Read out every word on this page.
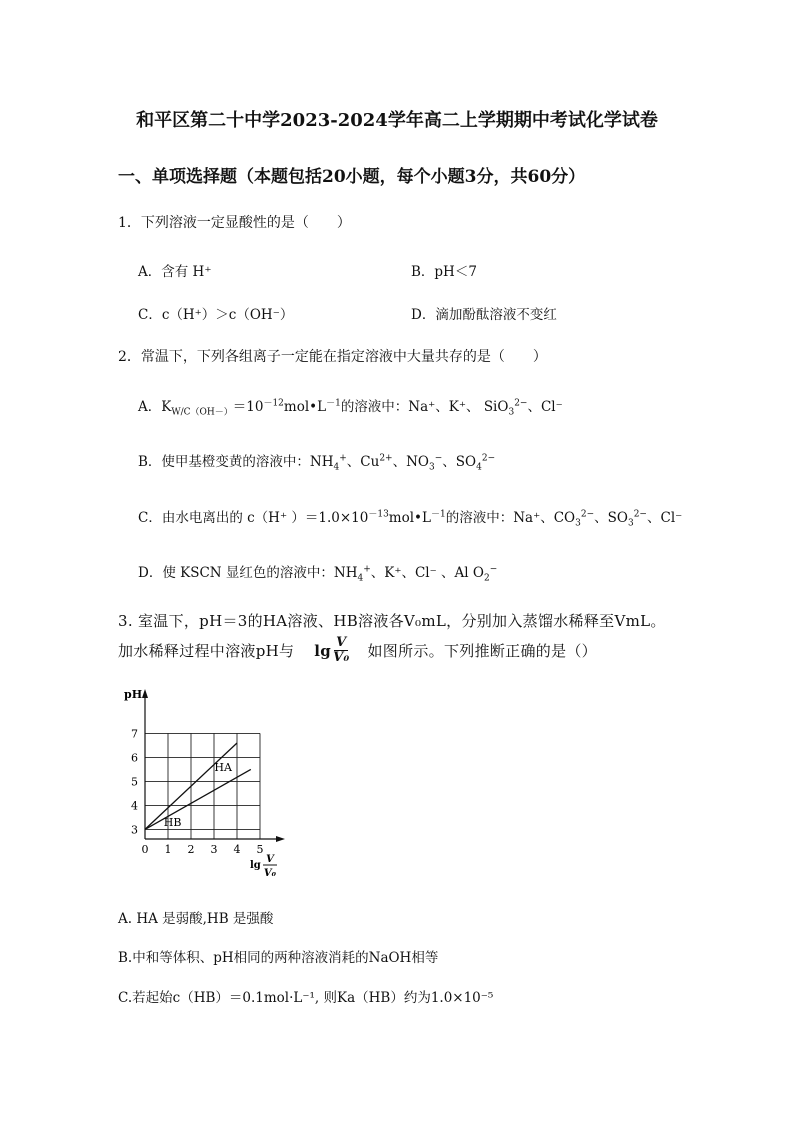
和平区第二十中学2023-2024学年高二上学期期中考试化学试卷
一、单项选择题（本题包括20小题，每个小题3分，共60分）
1．下列溶液一定显酸性的是（　　）
A．含有 H⁺	B．pH＜7
C．c（H⁺）＞c（OH⁻）	D．滴加酚酞溶液不变红
2．常温下，下列各组离子一定能在指定溶液中大量共存的是（　　）
A．$K_{W/C(OH-)}=10^{-12}mol•L^{-1}$的溶液中：Na⁺、K⁺、 SiO$_3^{2-}$、Cl⁻
B．使甲基橙变黄的溶液中：$NH_4^+$、$Cu^{2+}$、$NO_3^-$、$SO_4^{2-}$
C．由水电离出的 c（H⁺ ）$=1.0\times 10^{-13}mol•L^{-1}$的溶液中：Na⁺、$CO_3^{2-}$、$SO_3^{2-}$、Cl⁻
D．使 KSCN 显红色的溶液中：$NH_4^+$、K⁺、Cl⁻ 、Al $O_2^-$
3. 室温下，pH＝3的HA溶液、HB溶液各V₀mL，分别加入蒸馏水稀释至VmL。
加水稀释过程中溶液pH与 $\lg \frac{V}{\text{V₀}}$ 如图所示。下列推断正确的是（）
0 1 2 3 4 5
3
4
5
6
7
pH
lg
V
V₀
HA
HB
A. HA 是弱酸,HB 是强酸
B.中和等体积、pH相同的两种溶液消耗的NaOH相等
C.若起始c（HB）＝0.1mol·L⁻¹, 则Ka（HB）约为1.0×10⁻⁵
